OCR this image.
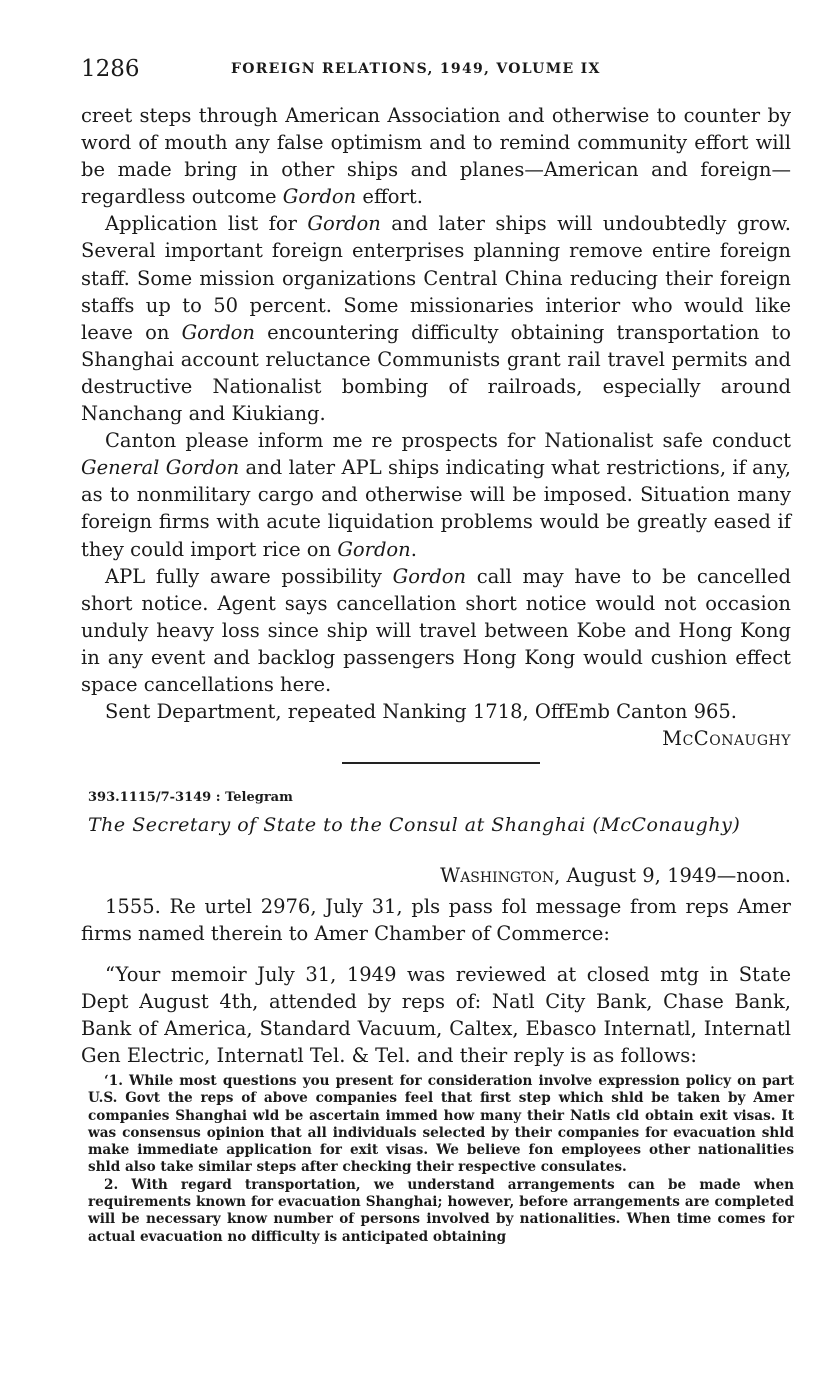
1286	FOREIGN RELATIONS, 1949, VOLUME IX

creet steps through American Association and otherwise to counter by word of mouth any false optimism and to remind community effort will be made bring in other ships and planes—American and foreign—regardless outcome Gordon effort.

Application list for Gordon and later ships will undoubtedly grow. Several important foreign enterprises planning remove entire foreign staff. Some mission organizations Central China reducing their foreign staffs up to 50 percent. Some missionaries interior who would like leave on Gordon encountering difficulty obtaining transportation to Shanghai account reluctance Communists grant rail travel permits and destructive Nationalist bombing of railroads, especially around Nanchang and Kiukiang.

Canton please inform me re prospects for Nationalist safe conduct General Gordon and later APL ships indicating what restrictions, if any, as to nonmilitary cargo and otherwise will be imposed. Situation many foreign firms with acute liquidation problems would be greatly eased if they could import rice on Gordon.

APL fully aware possibility Gordon call may have to be cancelled short notice. Agent says cancellation short notice would not occasion unduly heavy loss since ship will travel between Kobe and Hong Kong in any event and backlog passengers Hong Kong would cushion effect space cancellations here.

Sent Department, repeated Nanking 1718, OffEmb Canton 965.

McConaughy

393.1115/7-3149 : Telegram
The Secretary of State to the Consul at Shanghai (McConaughy)
Washington, August 9, 1949—noon.

1555. Re urtel 2976, July 31, pls pass fol message from reps Amer firms named therein to Amer Chamber of Commerce:

“Your memoir July 31, 1949 was reviewed at closed mtg in State Dept August 4th, attended by reps of: Natl City Bank, Chase Bank, Bank of America, Standard Vacuum, Caltex, Ebasco Internatl, Internatl Gen Electric, Internatl Tel. & Tel. and their reply is as follows:

‘1. While most questions you present for consideration involve expression policy on part U.S. Govt the reps of above companies feel that first step which shld be taken by Amer companies Shanghai wld be ascertain immed how many their Natls cld obtain exit visas. It was consensus opinion that all individuals selected by their companies for evacuation shld make immediate application for exit visas. We believe fon employees other nationalities shld also take similar steps after checking their respective consulates.

2. With regard transportation, we understand arrangements can be made when requirements known for evacuation Shanghai; however, before arrangements are completed will be necessary know number of persons involved by nationalities. When time comes for actual evacuation no difficulty is anticipated obtaining
